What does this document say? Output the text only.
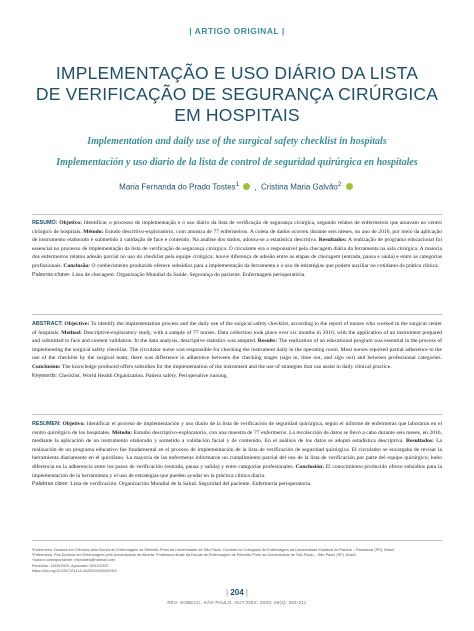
| ARTIGO ORIGINAL |
IMPLEMENTAÇÃO E USO DIÁRIO DA LISTA
DE VERIFICAÇÃO DE SEGURANÇA CIRÚRGICA
EM HOSPITAIS
Implementation and daily use of the surgical safety checklist in hospitals
Implementación y uso diario de la lista de control de seguridad quirúrgica en hospitales
Maria Fernanda do Prado Tostes$^1$ , Cristina Maria Galvão$^2$

RESUMO: Objetivo: Identificar o processo de implementação e o uso diário da lista de verificação de segurança cirúrgica, segundo relatos de enfermeiros que atuavam no centro cirúrgico de hospitais. Método: Estudo descritivo-exploratório, com amostra de 77 enfermeiros. A coleta de dados ocorreu durante seis meses, no ano de 2016, por meio da aplicação de instrumento elaborado e submetido à validação de face e conteúdo. Na análise dos dados, adotou-se a estatística descritiva. Resultados: A realização de programa educacional foi essencial no processo de implementação da lista de verificação de segurança cirúrgica. O circulante era o responsável pela checagem diária da ferramenta na sala cirúrgica. A maioria dos enfermeiros relatou adesão parcial no uso do checklist pela equipe cirúrgica; houve diferença de adesão entre as etapas de checagem (entrada, pausa e saída) e entre as categorias profissionais. Conclusão: O conhecimento produzido oferece subsídios para a implementação da ferramenta e o uso de estratégias que podem auxiliar no cotidiano da prática clínica.

Palavras-chave: Lista de checagem. Organização Mundial da Saúde. Segurança do paciente. Enfermagem perioperatória.

ABSTRACT: Objective: To identify the implementation process and the daily use of the surgical safety checklist, according to the report of nurses who worked in the surgical center of hospitals. Method: Descriptive-exploratory study, with a sample of 77 nurses. Data collection took place over six months in 2016, with the application of an instrument prepared and submitted to face and content validation. In the data analysis, descriptive statistics was adopted. Results: The realization of an educational program was essential in the process of implementing the surgical safety checklist. The circulator nurse was responsible for checking the instrument daily in the operating room. Most nurses reported partial adherence to the use of the checklist by the surgical team; there was difference in adherence between the checking stages (sign in, time out, and sign out) and between professional categories. Conclusion: The knowledge produced offers subsidies for the implementation of the instrument and the use of strategies that can assist in daily clinical practice.

Keywords: Checklist. World Health Organization. Patient safety. Perioperative nursing.

RESUMEN: Objetivo: Identificar el proceso de implementación y uso diario de la lista de verificación de seguridad quirúrgica, según el informe de enfermeras que laboraron en el centro quirúrgico de los hospitales. Método: Estudio descriptivo-exploratorio, con una muestra de 77 enfermeros. La recolección de datos se llevó a cabo durante seis meses, en 2016, mediante la aplicación de un instrumento elaborado y sometido a validación facial y de contenido. En el análisis de los datos se adoptó estadística descriptiva. Resultados: La realización de un programa educativo fue fundamental en el proceso de implementación de la lista de verificación de seguridad quirúrgica. El circulador se encargaba de revisar la herramienta diariamente en el quirófano. La mayoría de las enfermeras informaron un cumplimiento parcial del uso de la lista de verificación por parte del equipo quirúrgico; hubo diferencia en la adherencia entre los pasos de verificación (entrada, pausa y salida) y entre categorías profesionales. Conclusión: El conocimiento producido ofrece subsidios para la implementación de la herramienta y el uso de estrategias que pueden ayudar en la práctica clínica diaria.

Palabras clave: Lista de verificación. Organización Mundial de la Salud. Seguridad del paciente. Enfermería perioperatoria.

¹Enfermeira. Doutora em Ciências pela Escola de Enfermagem de Ribeirão Preto da Universidade de São Paulo. Docente do Colegiado de Enfermagem da Universidade Estadual do Paraná – Paranavaí (PR), Brasil.
²Enfermeira. Pós-Doutora em Enfermagem pela Universidade de Alberta. Professora titular da Escola de Enfermagem de Ribeirão Preto da Universidade de São Paulo – São Paulo (SP), Brasil.
*Autora correspondente: mfptostes@hotmail.com
Recebido: 13/05/2020. Aprovado: 09/10/2020
https://doi.org/10.5327/Z1414-4425202000040003
| 204 |
REV. SOBECC, SÃO PAULO. OUT./DEZ. 2020; 25(4): 204-211
